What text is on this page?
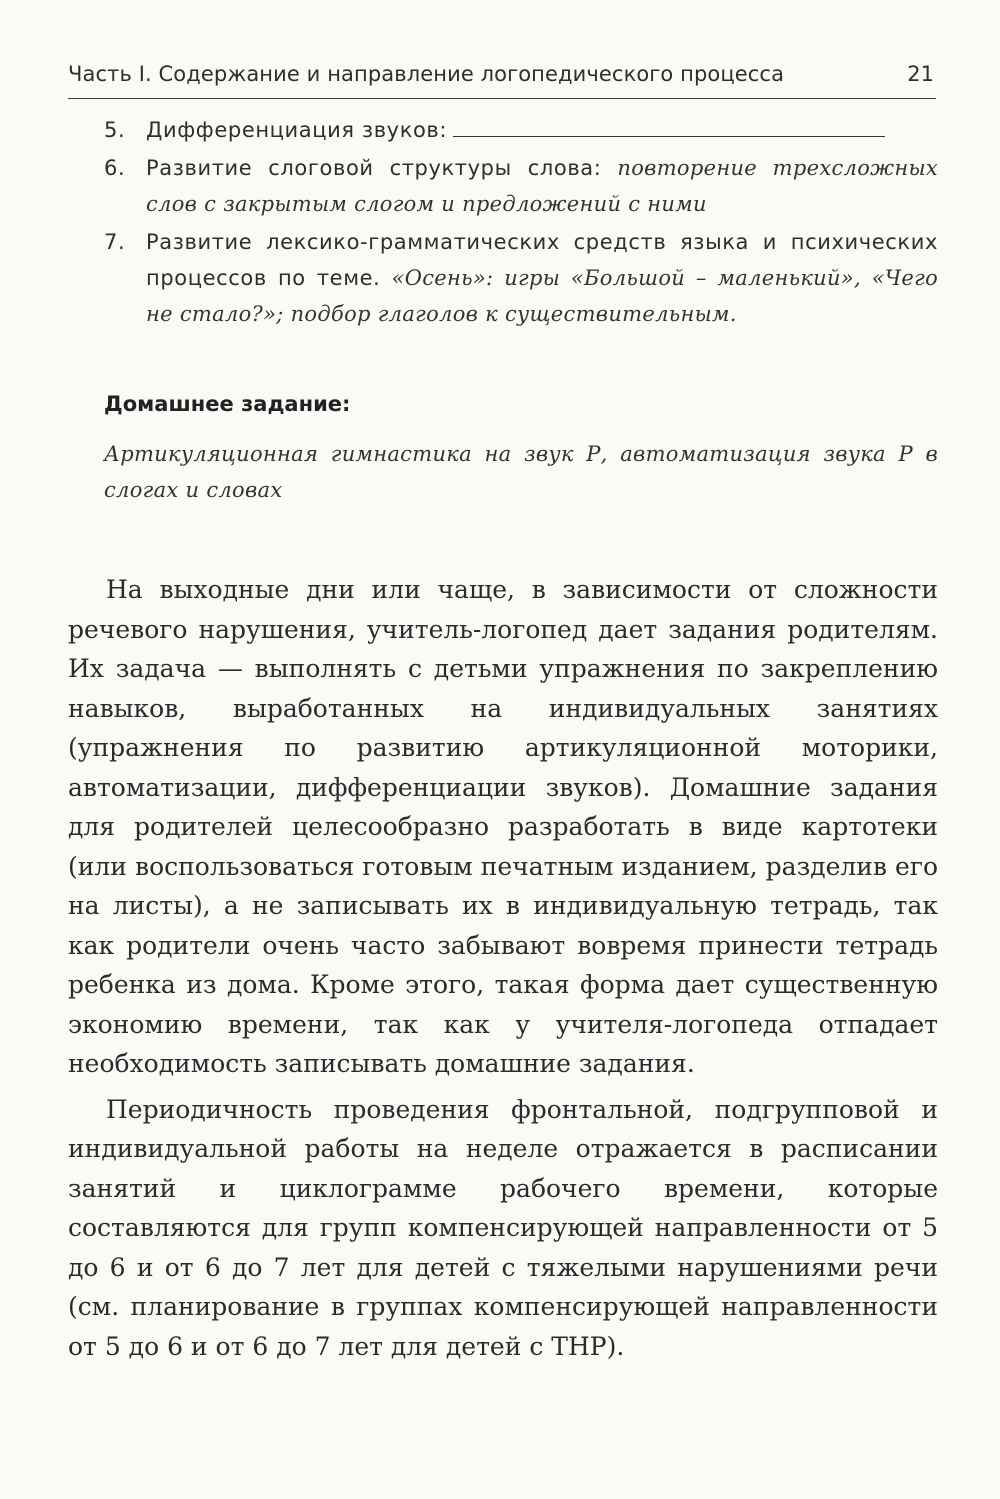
Часть I. Содержание и направление логопедического процесса	21
5. Дифференциация звуков:
6. Развитие слоговой структуры слова: повторение трехсложных слов с закрытым слогом и предложений с ними
7. Развитие лексико-грамматических средств языка и психических процессов по теме. «Осень»: игры «Большой – маленький», «Чего не стало?»; подбор глаголов к существительным.
Домашнее задание:
Артикуляционная гимнастика на звук Р, автоматизация звука Р в слогах и словах

На выходные дни или чаще, в зависимости от сложности речевого нарушения, учитель-логопед дает задания родителям. Их задача — выполнять с детьми упражнения по закреплению навыков, выработанных на индивидуальных занятиях (упражнения по развитию артикуляционной моторики, автоматизации, дифференциации звуков). Домашние задания для родителей целесообразно разработать в виде картотеки (или воспользоваться готовым печатным изданием, разделив его на листы), а не записывать их в индивидуальную тетрадь, так как родители очень часто забывают вовремя принести тетрадь ребенка из дома. Кроме этого, такая форма дает существенную экономию времени, так как у учителя-логопеда отпадает необходимость записывать домашние задания.

Периодичность проведения фронтальной, подгрупповой и индивидуальной работы на неделе отражается в расписании занятий и циклограмме рабочего времени, которые составляются для групп компенсирующей направленности от 5 до 6 и от 6 до 7 лет для детей с тяжелыми нарушениями речи (см. планирование в группах компенсирующей направленности от 5 до 6 и от 6 до 7 лет для детей с ТНР).
